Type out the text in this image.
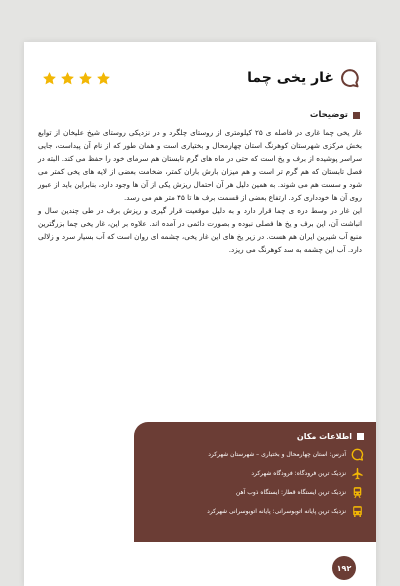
غار یخی چما
توضیحات

غار یخی چما غاری در فاصله ی ۲۵ کیلومتری از روستای چلگرد و در نزدیکی روستای شیخ علیخان از توابع بخش مرکزی شهرستان کوهرنگ استان چهارمحال و بختیاری است و همان طور که از نام آن پیداست، جایی سراسر پوشیده از برف و یخ است که حتی در ماه های گرم تابستان هم سرمای خود را حفظ می کند. البته در فصل تابستان که هم گرم تر است و هم میزان بارش باران کمتر، ضخامت بعضی از لایه های یخی کمتر می شود و سست هم می شوند. به همین دلیل هر آن احتمال ریزش یکی از آن ها وجود دارد، بنابراین باید از عبور روی آن ها خودداری کرد. ارتفاع بعضی از قسمت برف ها تا ۴۵ متر هم می رسد.

این غار در وسط دره ی چما قرار دارد و به دلیل موقعیت قرار گیری و ریزش برف در طی چندین سال و انباشت آن، این برف و یخ ها فصلی نبوده و بصورت دائمی در آمده اند. علاوه بر این، غار یخی چما بزرگترین منبع آب شیرین ایران هم هست. در زیر یخ های این غار یخی، چشمه ای روان است که آب بسیار سرد و زلالی دارد. آب این چشمه به سد کوهرنگ می ریزد.

اطلاعات مکان
آدرس: استان چهارمحال و بختیاری – شهرستان شهرکرد
نزدیک ترین فرودگاه: فرودگاه شهرکرد
نزدیک ترین ایستگاه قطار: ایستگاه ذوب آهن
نزدیک ترین پایانه اتوبوسرانی: پایانه اتوبوسرانی شهرکرد
۱۹۲
